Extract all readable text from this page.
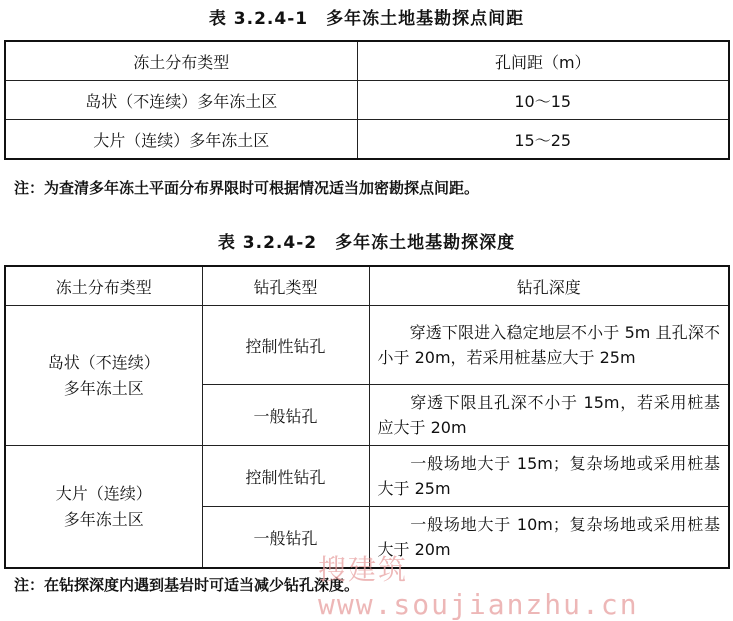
表 3.2.4-1　多年冻土地基勘探点间距
冻土分布类型	孔间距（m）
岛状（不连续）多年冻土区	10～15
大片（连续）多年冻土区	15～25
注：为查清多年冻土平面分布界限时可根据情况适当加密勘探点间距。
表 3.2.4-2　多年冻土地基勘探深度
冻土分布类型	钻孔类型	钻孔深度

岛状（不连续）
多年冻土区	控制性钻孔	穿透下限进入稳定地层不小于 5m 且孔深不小于 20m，若采用桩基应大于 25m
	一般钻孔	穿透下限且孔深不小于 15m，若采用桩基应大于 20m

大片（连续）
多年冻土区	控制性钻孔	一般场地大于 15m；复杂场地或采用桩基大于 25m
	一般钻孔	一般场地大于 10m；复杂场地或采用桩基大于 20m
注：在钻探深度内遇到基岩时可适当减少钻孔深度。
搜建筑 www.soujianzhu.cn
